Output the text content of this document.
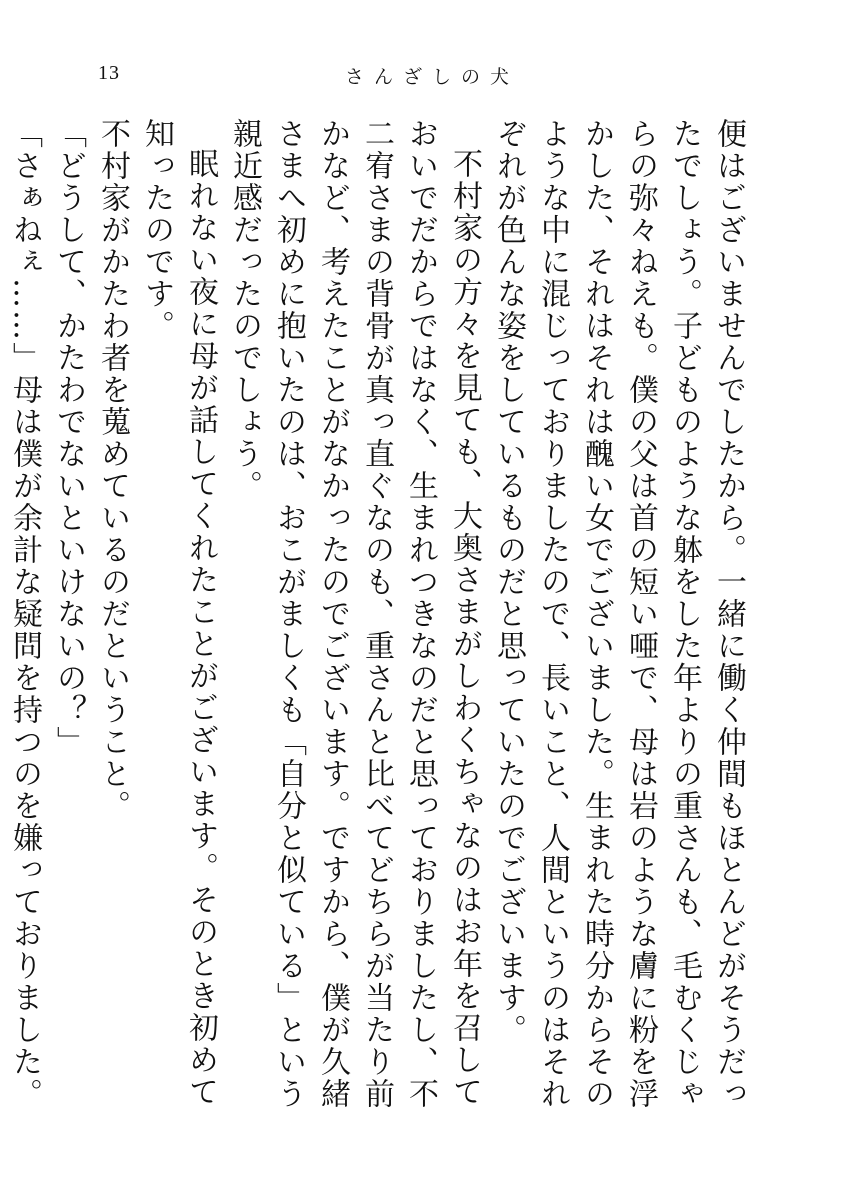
13	さんざしの犬

便はございませんでしたから。一緒に働く仲間もほとんどがそうだったでしょう。子どものような躰をした年よりの重さんも、毛むくじゃらの弥々ねえも。僕の父は首の短い唖で、母は岩のような膚に粉を浮かした、それはそれは醜い女でございました。生まれた時分からそのような中に混じっておりましたので、長いこと、人間というのはそれぞれが色んな姿をしているものだと思っていたのでございます。

不村家の方々を見ても、大奥さまがしわくちゃなのはお年を召しておいでだからではなく、生まれつきなのだと思っておりましたし、不二宥さまの背骨が真っ直ぐなのも、重さんと比べてどちらが当たり前かなど、考えたことがなかったのでございます。ですから、僕が久緒さまへ初めに抱いたのは、おこがましくも「自分と似ている」という親近感だったのでしょう。

眠れない夜に母が話してくれたことがございます。そのとき初めて知ったのです。

不村家がかたわ者を蒐めているのだということ。

「どうして、かたわでないといけないの？」

「さぁねぇ……」母は僕が余計な疑問を持つのを嫌っておりました。
